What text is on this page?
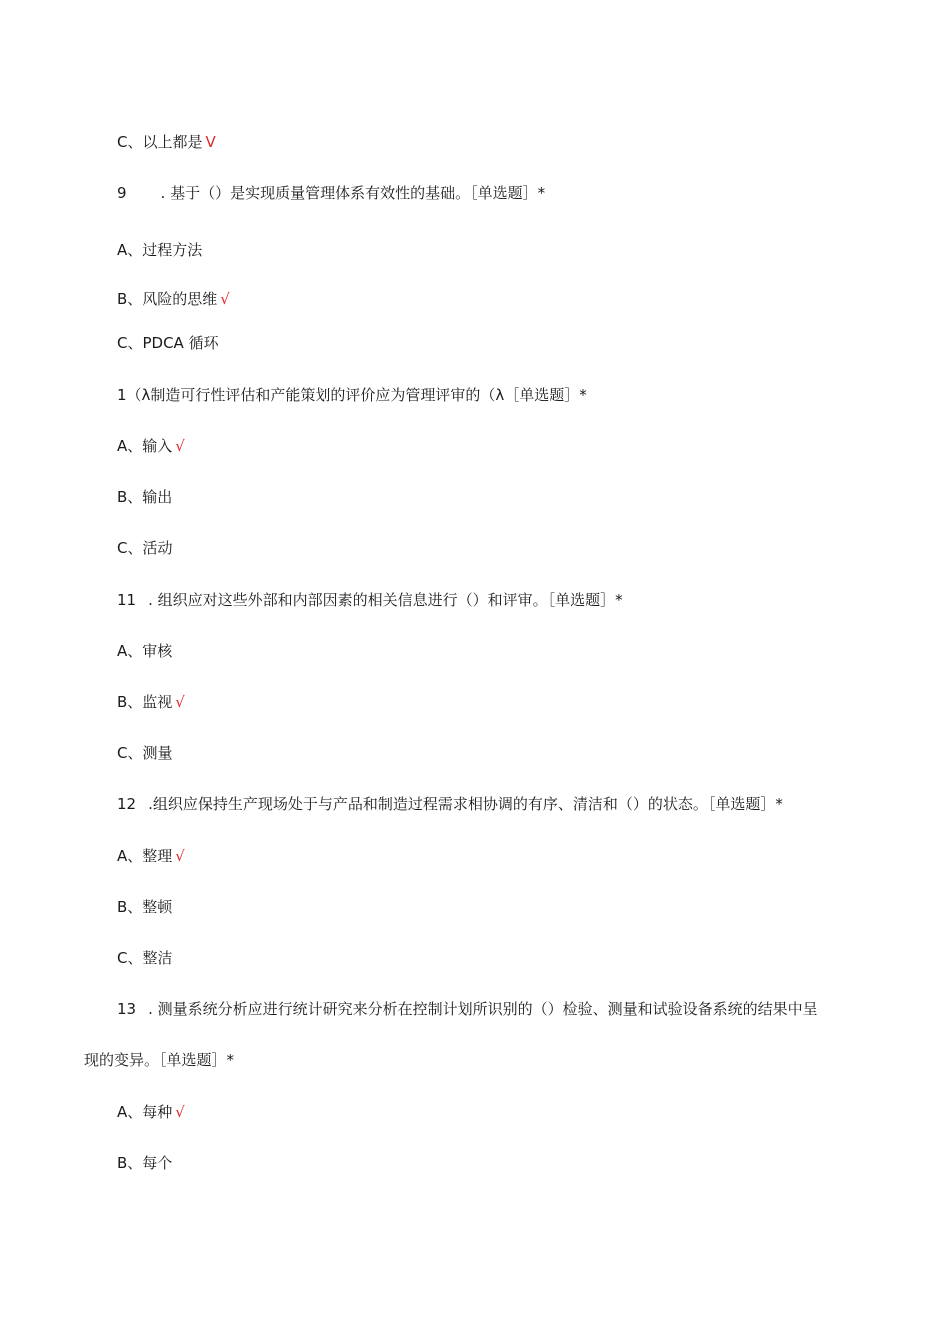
C、以上都是 V
9 . 基于（）是实现质量管理体系有效性的基础。［单选题］*
A、过程方法
B、风险的思维 √
C、PDCA 循环
1（λ制造可行性评估和产能策划的评价应为管理评审的（λ［单选题］*
A、输入 √
B、输出
C、活动
11 . 组织应对这些外部和内部因素的相关信息进行（）和评审。［单选题］*
A、审核
B、监视 √
C、测量
12 .组织应保持生产现场处于与产品和制造过程需求相协调的有序、清洁和（）的状态。［单选题］*
A、整理 √
B、整顿
C、整洁
13 . 测量系统分析应进行统计研究来分析在控制计划所识别的（）检验、测量和试验设备系统的结果中呈
现的变异。［单选题］*
A、每种 √
B、每个
